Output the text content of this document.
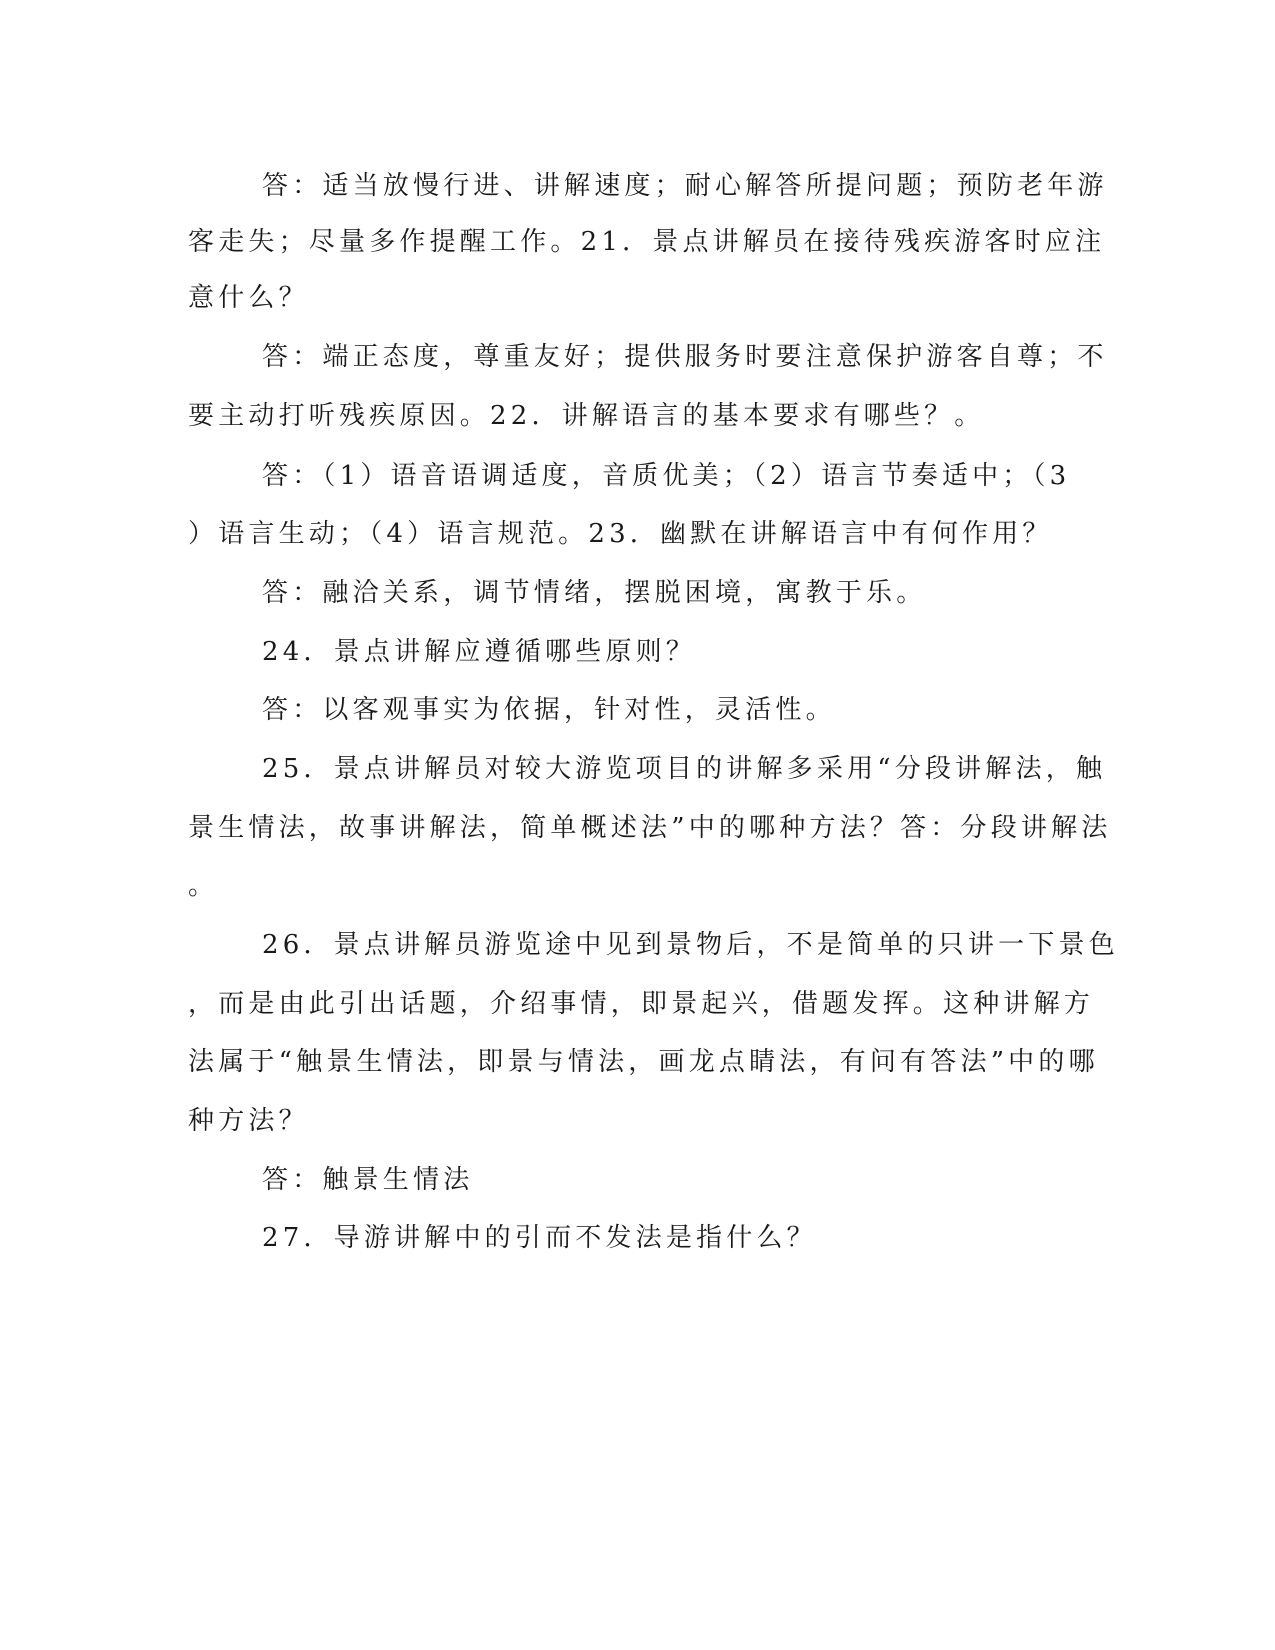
答：适当放慢行进、讲解速度；耐心解答所提问题；预防老年游
客走失；尽量多作提醒工作。21．景点讲解员在接待残疾游客时应注
意什么？
答：端正态度，尊重友好；提供服务时要注意保护游客自尊；不
要主动打听残疾原因。22．讲解语言的基本要求有哪些？。
答：（1）语音语调适度，音质优美；（2）语言节奏适中；（3
）语言生动；（4）语言规范。23．幽默在讲解语言中有何作用？
答：融洽关系，调节情绪，摆脱困境，寓教于乐。
24．景点讲解应遵循哪些原则？
答：以客观事实为依据，针对性，灵活性。
25．景点讲解员对较大游览项目的讲解多采用“分段讲解法，触
景生情法，故事讲解法，简单概述法”中的哪种方法？答：分段讲解法
。
26．景点讲解员游览途中见到景物后，不是简单的只讲一下景色
，而是由此引出话题，介绍事情，即景起兴，借题发挥。这种讲解方
法属于“触景生情法，即景与情法，画龙点睛法，有问有答法”中的哪
种方法？
答：触景生情法
27．导游讲解中的引而不发法是指什么？
